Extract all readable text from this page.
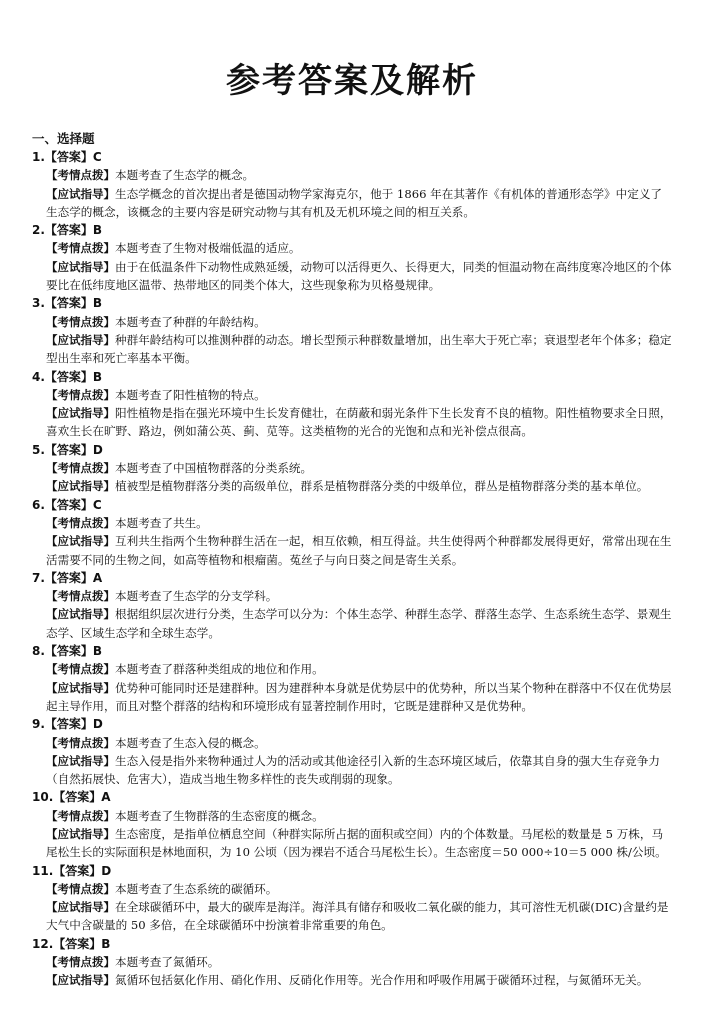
参考答案及解析
一、选择题
1.【答案】C
【考情点拨】本题考查了生态学的概念。
【应试指导】生态学概念的首次提出者是德国动物学家海克尔，他于 1866 年在其著作《有机体的普通形态学》中定义了生态学的概念，该概念的主要内容是研究动物与其有机及无机环境之间的相互关系。
2.【答案】B
【考情点拨】本题考查了生物对极端低温的适应。
【应试指导】由于在低温条件下动物性成熟延缓，动物可以活得更久、长得更大，同类的恒温动物在高纬度寒冷地区的个体要比在低纬度地区温带、热带地区的同类个体大，这些现象称为贝格曼规律。
3.【答案】B
【考情点拨】本题考查了种群的年龄结构。
【应试指导】种群年龄结构可以推测种群的动态。增长型预示种群数量增加，出生率大于死亡率；衰退型老年个体多；稳定型出生率和死亡率基本平衡。
4.【答案】B
【考情点拨】本题考查了阳性植物的特点。
【应试指导】阳性植物是指在强光环境中生长发育健壮，在荫蔽和弱光条件下生长发育不良的植物。阳性植物要求全日照，喜欢生长在旷野、路边，例如蒲公英、蓟、苋等。这类植物的光合的光饱和点和光补偿点很高。
5.【答案】D
【考情点拨】本题考查了中国植物群落的分类系统。
【应试指导】植被型是植物群落分类的高级单位，群系是植物群落分类的中级单位，群丛是植物群落分类的基本单位。
6.【答案】C
【考情点拨】本题考查了共生。
【应试指导】互利共生指两个生物种群生活在一起，相互依赖，相互得益。共生使得两个种群都发展得更好，常常出现在生活需要不同的生物之间，如高等植物和根瘤菌。菟丝子与向日葵之间是寄生关系。
7.【答案】A
【考情点拨】本题考查了生态学的分支学科。
【应试指导】根据组织层次进行分类，生态学可以分为：个体生态学、种群生态学、群落生态学、生态系统生态学、景观生态学、区域生态学和全球生态学。
8.【答案】B
【考情点拨】本题考查了群落种类组成的地位和作用。
【应试指导】优势种可能同时还是建群种。因为建群种本身就是优势层中的优势种，所以当某个物种在群落中不仅在优势层起主导作用，而且对整个群落的结构和环境形成有显著控制作用时，它既是建群种又是优势种。
9.【答案】D
【考情点拨】本题考查了生态入侵的概念。
【应试指导】生态入侵是指外来物种通过人为的活动或其他途径引入新的生态环境区域后，依靠其自身的强大生存竞争力（自然拓展快、危害大），造成当地生物多样性的丧失或削弱的现象。
10.【答案】A
【考情点拨】本题考查了生物群落的生态密度的概念。
【应试指导】生态密度，是指单位栖息空间（种群实际所占据的面积或空间）内的个体数量。马尾松的数量是 5 万株，马尾松生长的实际面积是林地面积，为 10 公顷（因为裸岩不适合马尾松生长）。生态密度＝50 000÷10＝5 000 株/公顷。
11.【答案】D
【考情点拨】本题考查了生态系统的碳循环。
【应试指导】在全球碳循环中，最大的碳库是海洋。海洋具有储存和吸收二氧化碳的能力，其可溶性无机碳(DIC)含量约是大气中含碳量的 50 多倍，在全球碳循环中扮演着非常重要的角色。
12.【答案】B
【考情点拨】本题考查了氮循环。
【应试指导】氮循环包括氨化作用、硝化作用、反硝化作用等。光合作用和呼吸作用属于碳循环过程，与氮循环无关。
